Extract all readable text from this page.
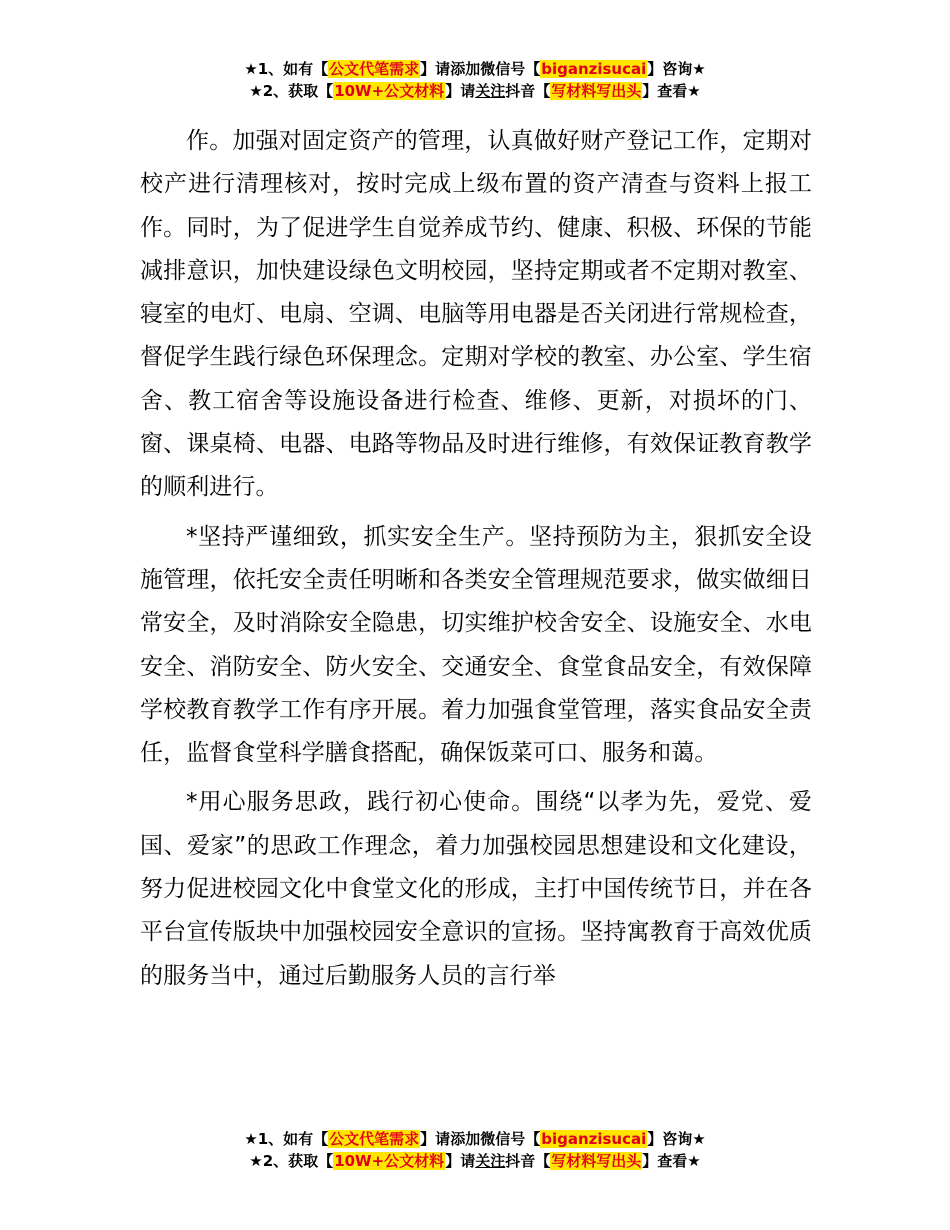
★1、如有【公文代笔需求】请添加微信号【biganzisucai】咨询★
★2、获取【10W+公文材料】请关注抖音【写材料写出头】查看★

作。加强对固定资产的管理，认真做好财产登记工作，定期对校产进行清理核对，按时完成上级布置的资产清查与资料上报工作。同时，为了促进学生自觉养成节约、健康、积极、环保的节能减排意识，加快建设绿色文明校园，坚持定期或者不定期对教室、寝室的电灯、电扇、空调、电脑等用电器是否关闭进行常规检查，督促学生践行绿色环保理念。定期对学校的教室、办公室、学生宿舍、教工宿舍等设施设备进行检查、维修、更新，对损坏的门、窗、课桌椅、电器、电路等物品及时进行维修，有效保证教育教学的顺利进行。

*坚持严谨细致，抓实安全生产。坚持预防为主，狠抓安全设施管理，依托安全责任明晰和各类安全管理规范要求，做实做细日常安全，及时消除安全隐患，切实维护校舍安全、设施安全、水电安全、消防安全、防火安全、交通安全、食堂食品安全，有效保障学校教育教学工作有序开展。着力加强食堂管理，落实食品安全责任，监督食堂科学膳食搭配，确保饭菜可口、服务和蔼。

*用心服务思政，践行初心使命。围绕“以孝为先，爱党、爱国、爱家”的思政工作理念，着力加强校园思想建设和文化建设，努力促进校园文化中食堂文化的形成，主打中国传统节日，并在各平台宣传版块中加强校园安全意识的宣扬。坚持寓教育于高效优质的服务当中，通过后勤服务人员的言行举

★1、如有【公文代笔需求】请添加微信号【biganzisucai】咨询★
★2、获取【10W+公文材料】请关注抖音【写材料写出头】查看★
